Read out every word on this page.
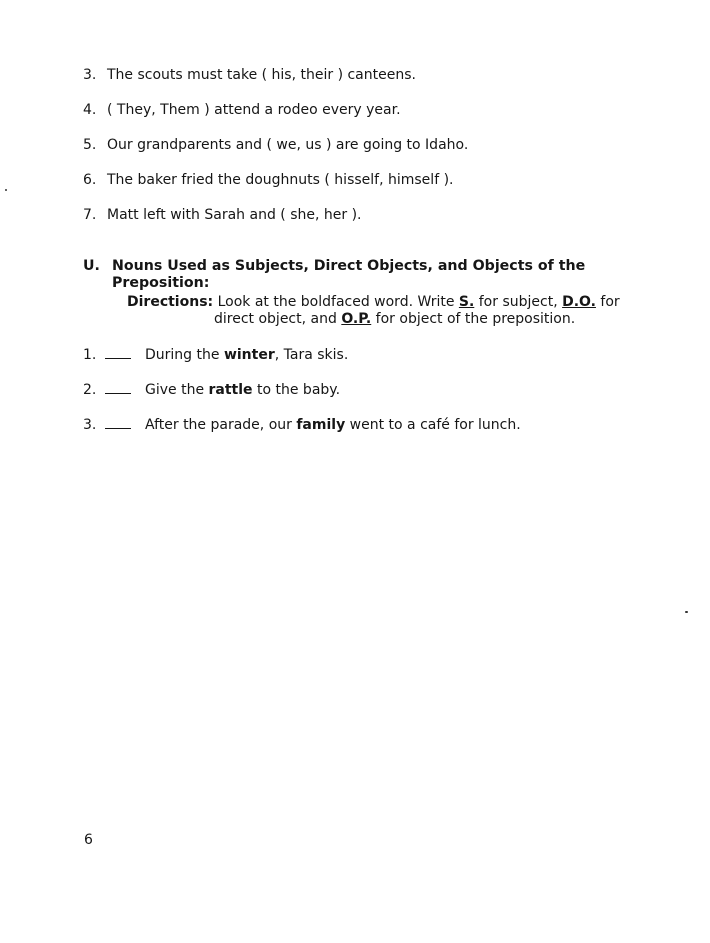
3. The scouts must take ( his, their ) canteens.
4. ( They, Them ) attend a rodeo every year.
5. Our grandparents and ( we, us ) are going to Idaho.
6. The baker fried the doughnuts ( hisself, himself ).
7. Matt left with Sarah and ( she, her ).
U. Nouns Used as Subjects, Direct Objects, and Objects of the
Preposition:
Directions: Look at the boldfaced word. Write S. for subject, D.O. for
direct object, and O.P. for object of the preposition.
1.	During the winter, Tara skis.
2.	Give the rattle to the baby.
3.	After the parade, our family went to a café for lunch.
6
